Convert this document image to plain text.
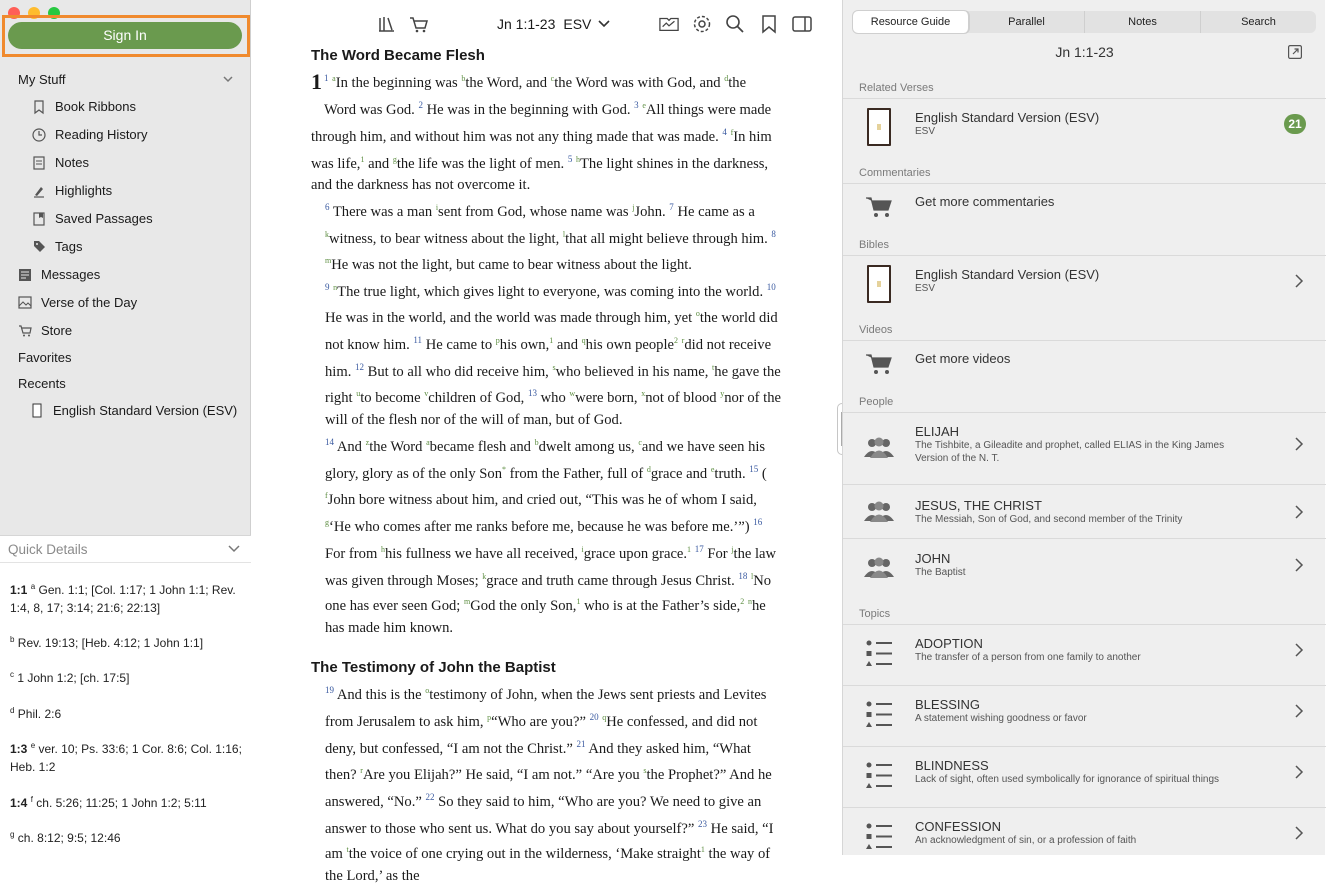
Sign In
My Stuff
Book Ribbons
Reading History
Notes
Highlights
Saved Passages
Tags
Messages
Verse of the Day
Store
Favorites
Recents
English Standard Version (ESV)
Quick Details
1:1 $^a$ Gen. 1:1; [Col. 1:17; 1 John 1:1; Rev. 1:4, 8, 17; 3:14; 21:6; 22:13]
$^b$ Rev. 19:13; [Heb. 4:12; 1 John 1:1]
$^c$ 1 John 1:2; [ch. 17:5]
$^d$ Phil. 2:6
1:3 $^e$ ver. 10; Ps. 33:6; 1 Cor. 8:6; Col. 1:16; Heb. 1:2
1:4 $^f$ ch. 5:26; 11:25; 1 John 1:2; 5:11
$^g$ ch. 8:12; 9:5; 12:46
Jn 1:1-23 ESV
The Word Became Flesh

1 $^1$ $^a$In the beginning was $^b$the Word, and $^c$the Word was with God, and $^d$the Word was God. $^2$ He was in the beginning with God. $^3$ $^e$All things were made through him, and without him was not any thing made that was made. $^4$ $^f$In him was life,$^1$ and $^g$the life was the light of men. $^5$ $^h$The light shines in the darkness, and the darkness has not overcome it.

$^6$ There was a man $^i$sent from God, whose name was $^j$John. $^7$ He came as a $^k$witness, to bear witness about the light, $^l$that all might believe through him. $^8$ $^m$He was not the light, but came to bear witness about the light.

$^9$ $^n$The true light, which gives light to everyone, was coming into the world. $^{10}$ He was in the world, and the world was made through him, yet $^o$the world did not know him. $^{11}$ He came to $^p$his own,$^1$ and $^q$his own people$^2$ $^r$did not receive him. $^{12}$ But to all who did receive him, $^s$who believed in his name, $^t$he gave the right $^u$to become $^v$children of God, $^{13}$ who $^w$were born, $^x$not of blood $^y$nor of the will of the flesh nor of the will of man, but of God.

$^{14}$ And $^z$the Word $^a$became flesh and $^b$dwelt among us, $^c$and we have seen his glory, glory as of the only Son* from the Father, full of $^d$grace and $^e$truth. $^{15}$ ( $^f$John bore witness about him, and cried out, “This was he of whom I said, $^g$‘He who comes after me ranks before me, because he was before me.’”) $^{16}$ For from $^h$his fullness we have all received, $^i$grace upon grace.$^1$ $^{17}$ For $^j$the law was given through Moses; $^k$grace and truth came through Jesus Christ. $^{18}$ $^l$No one has ever seen God; $^m$God the only Son,$^1$ who is at the Father’s side,$^2$ $^n$he has made him known.

The Testimony of John the Baptist

$^{19}$ And this is the $^o$testimony of John, when the Jews sent priests and Levites from Jerusalem to ask him, $^p$“Who are you?” $^{20}$ $^q$He confessed, and did not deny, but confessed, “I am not the Christ.” $^{21}$ And they asked him, “What then? $^r$Are you Elijah?” He said, “I am not.” “Are you $^s$the Prophet?” And he answered, “No.” $^{22}$ So they said to him, “Who are you? We need to give an answer to those who sent us. What do you say about yourself?” $^{23}$ He said, “I am $^t$the voice of one crying out in the wilderness, ‘Make straight$^1$ the way of the Lord,’ as the

Resource Guide	Parallel	Notes	Search
Jn 1:1-23
Related Verses
English Standard Version (ESV)
ESV
21
Commentaries
Get more commentaries
Bibles
English Standard Version (ESV)
ESV
Videos
Get more videos
People
ELIJAH
The Tishbite, a Gileadite and prophet, called ELIAS in the King James Version of the N. T.
JESUS, THE CHRIST
The Messiah, Son of God, and second member of the Trinity
JOHN
The Baptist
Topics
ADOPTION
The transfer of a person from one family to another
BLESSING
A statement wishing goodness or favor
BLINDNESS
Lack of sight, often used symbolically for ignorance of spiritual things
CONFESSION
An acknowledgment of sin, or a profession of faith
